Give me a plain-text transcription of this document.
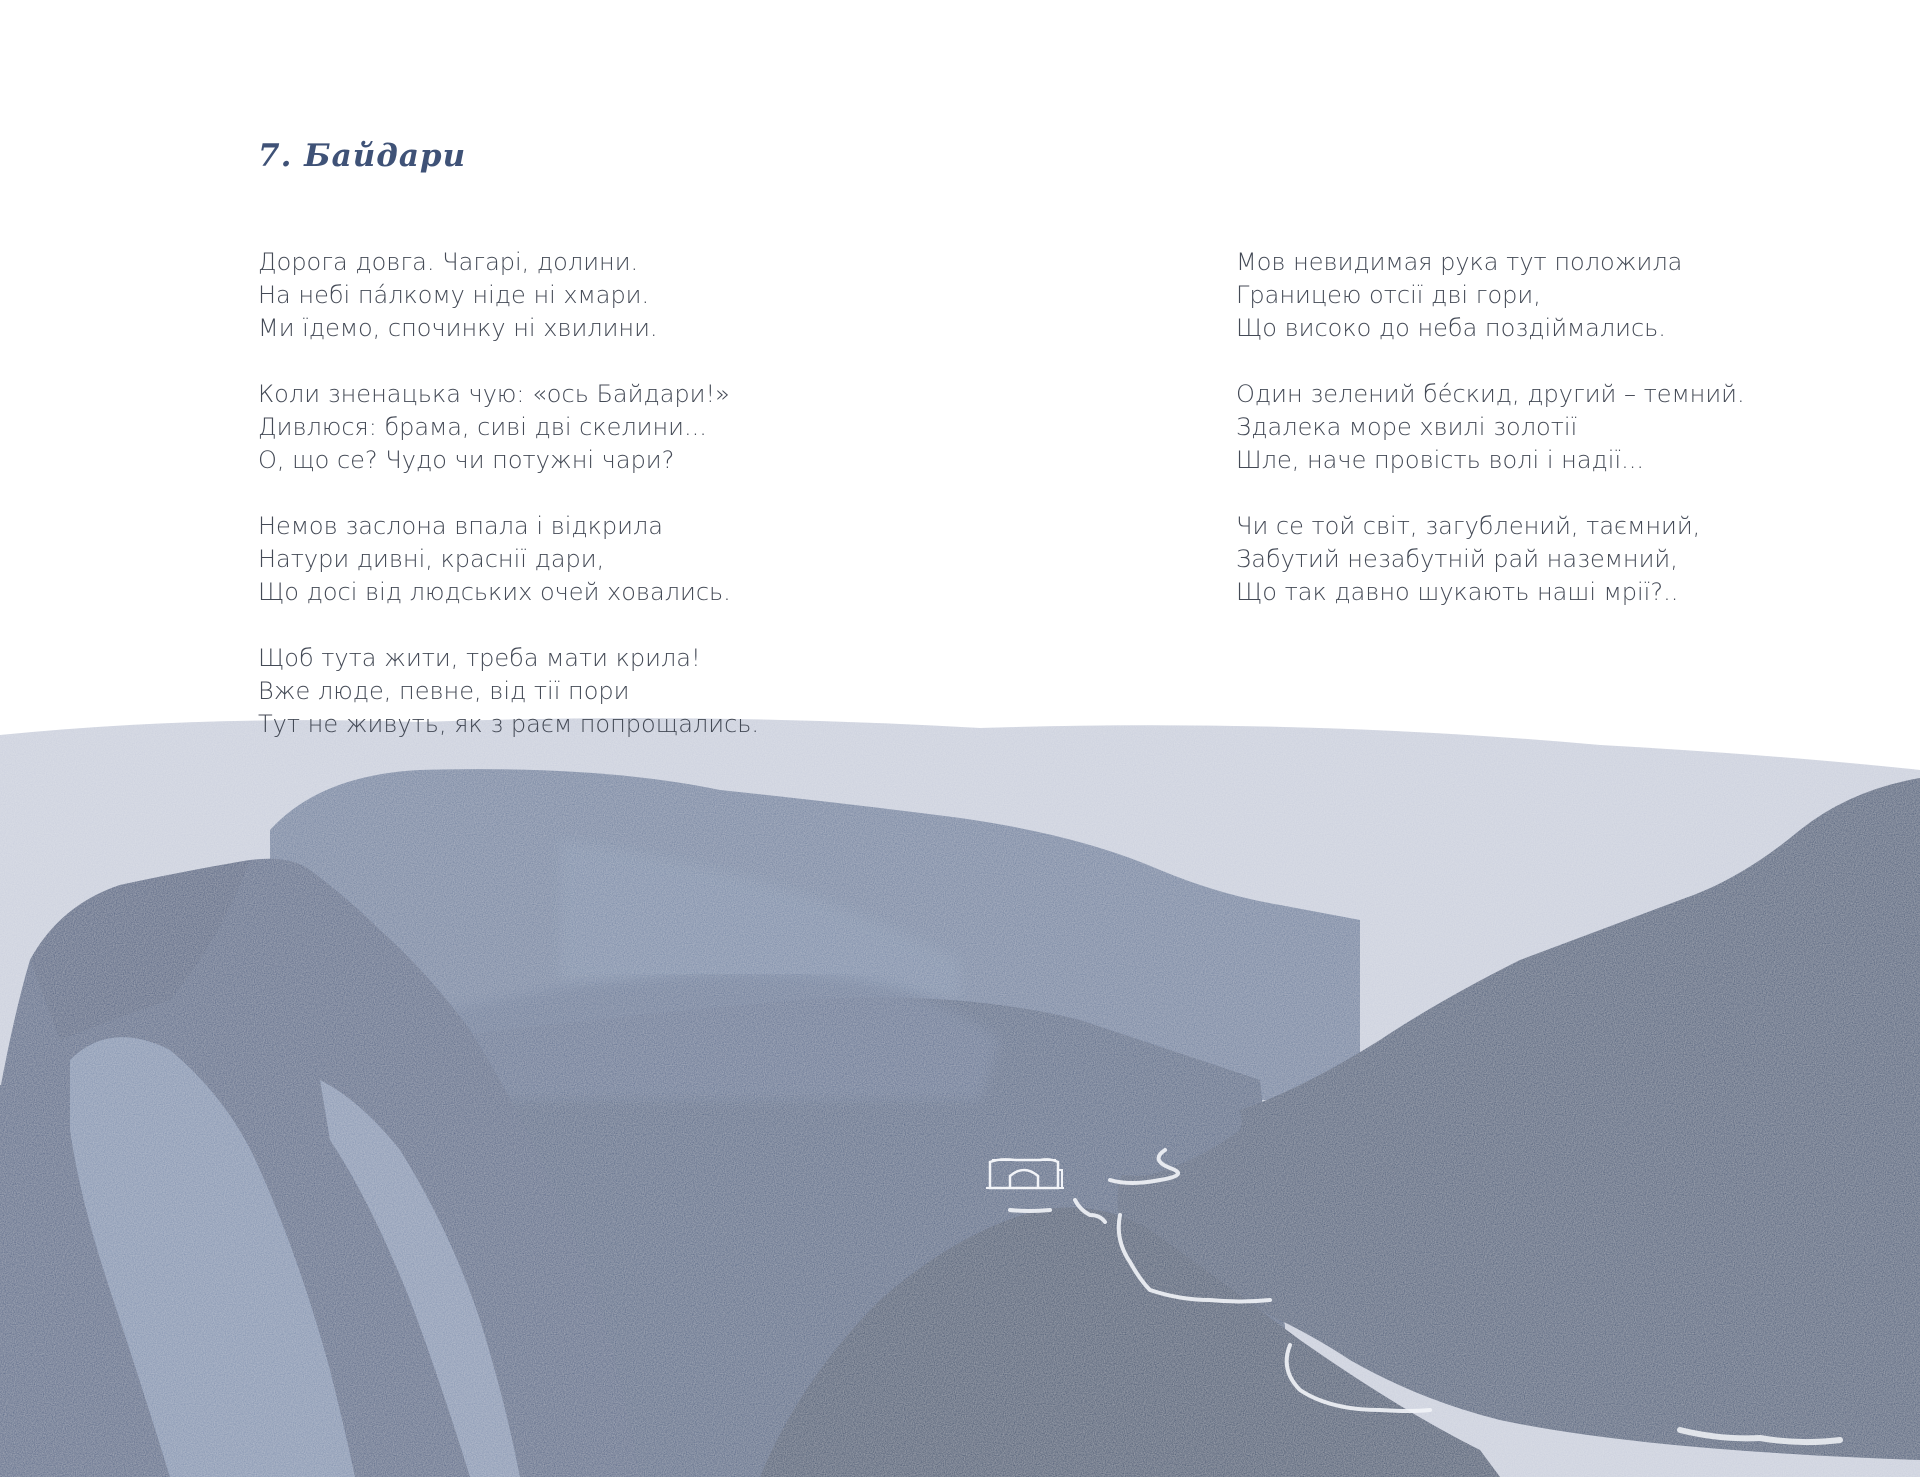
7. Байдари
Дорога довга. Чагарі, долини.
На небі пáлкому ніде ні хмари.
Ми їдемо, спочинку ні хвилини.
Коли зненацька чую: «ось Байдари!»
Дивлюся: брама, сиві дві скелини...
О, що се? Чудо чи потужні чари?
Немов заслона впала і відкрила
Натури дивні, краснії дари,
Що досі від людських очей ховались.
Щоб тута жити, треба мати крила!
Вже люде, певне, від тії пори
Тут не живуть, як з раєм попрощались.
Мов невидимая рука тут положила
Границею отсії дві гори,
Що високо до неба поздіймались.
Один зелений бéскид, другий – темний.
Здалека море хвилі золотії
Шле, наче провість волі і надії...
Чи се той світ, загублений, таємний,
Забутий незабутній рай наземний,
Що так давно шукають наші мрії?..
